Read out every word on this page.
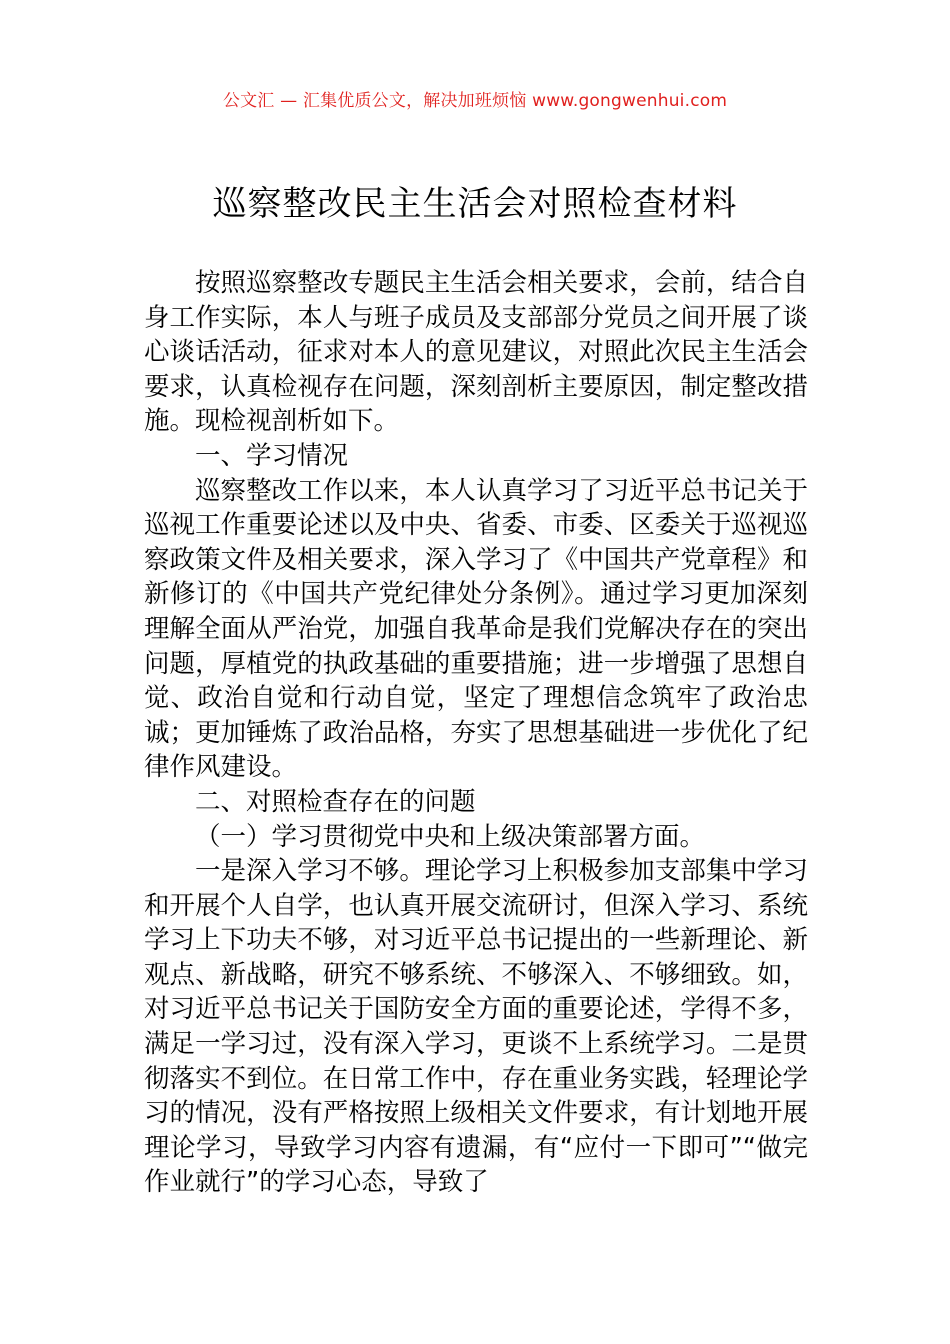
公文汇 — 汇集优质公文，解决加班烦恼 www.gongwenhui.com
巡察整改民主生活会对照检查材料

按照巡察整改专题民主生活会相关要求，会前，结合自身工作实际，本人与班子成员及支部部分党员之间开展了谈心谈话活动，征求对本人的意见建议，对照此次民主生活会要求，认真检视存在问题，深刻剖析主要原因，制定整改措施。现检视剖析如下。

一、学习情况

巡察整改工作以来，本人认真学习了习近平总书记关于巡视工作重要论述以及中央、省委、市委、区委关于巡视巡察政策文件及相关要求，深入学习了《中国共产党章程》和新修订的《中国共产党纪律处分条例》。通过学习更加深刻理解全面从严治党，加强自我革命是我们党解决存在的突出问题，厚植党的执政基础的重要措施；进一步增强了思想自觉、政治自觉和行动自觉，坚定了理想信念筑牢了政治忠诚；更加锤炼了政治品格，夯实了思想基础进一步优化了纪律作风建设。

二、对照检查存在的问题

（一）学习贯彻党中央和上级决策部署方面。

一是深入学习不够。理论学习上积极参加支部集中学习和开展个人自学，也认真开展交流研讨，但深入学习、系统学习上下功夫不够，对习近平总书记提出的一些新理论、新观点、新战略，研究不够系统、不够深入、不够细致。如，对习近平总书记关于国防安全方面的重要论述，学得不多，满足一学习过，没有深入学习，更谈不上系统学习。二是贯彻落实不到位。在日常工作中，存在重业务实践，轻理论学习的情况，没有严格按照上级相关文件要求，有计划地开展理论学习，导致学习内容有遗漏，有“应付一下即可”“做完作业就行”的学习心态，导致了
